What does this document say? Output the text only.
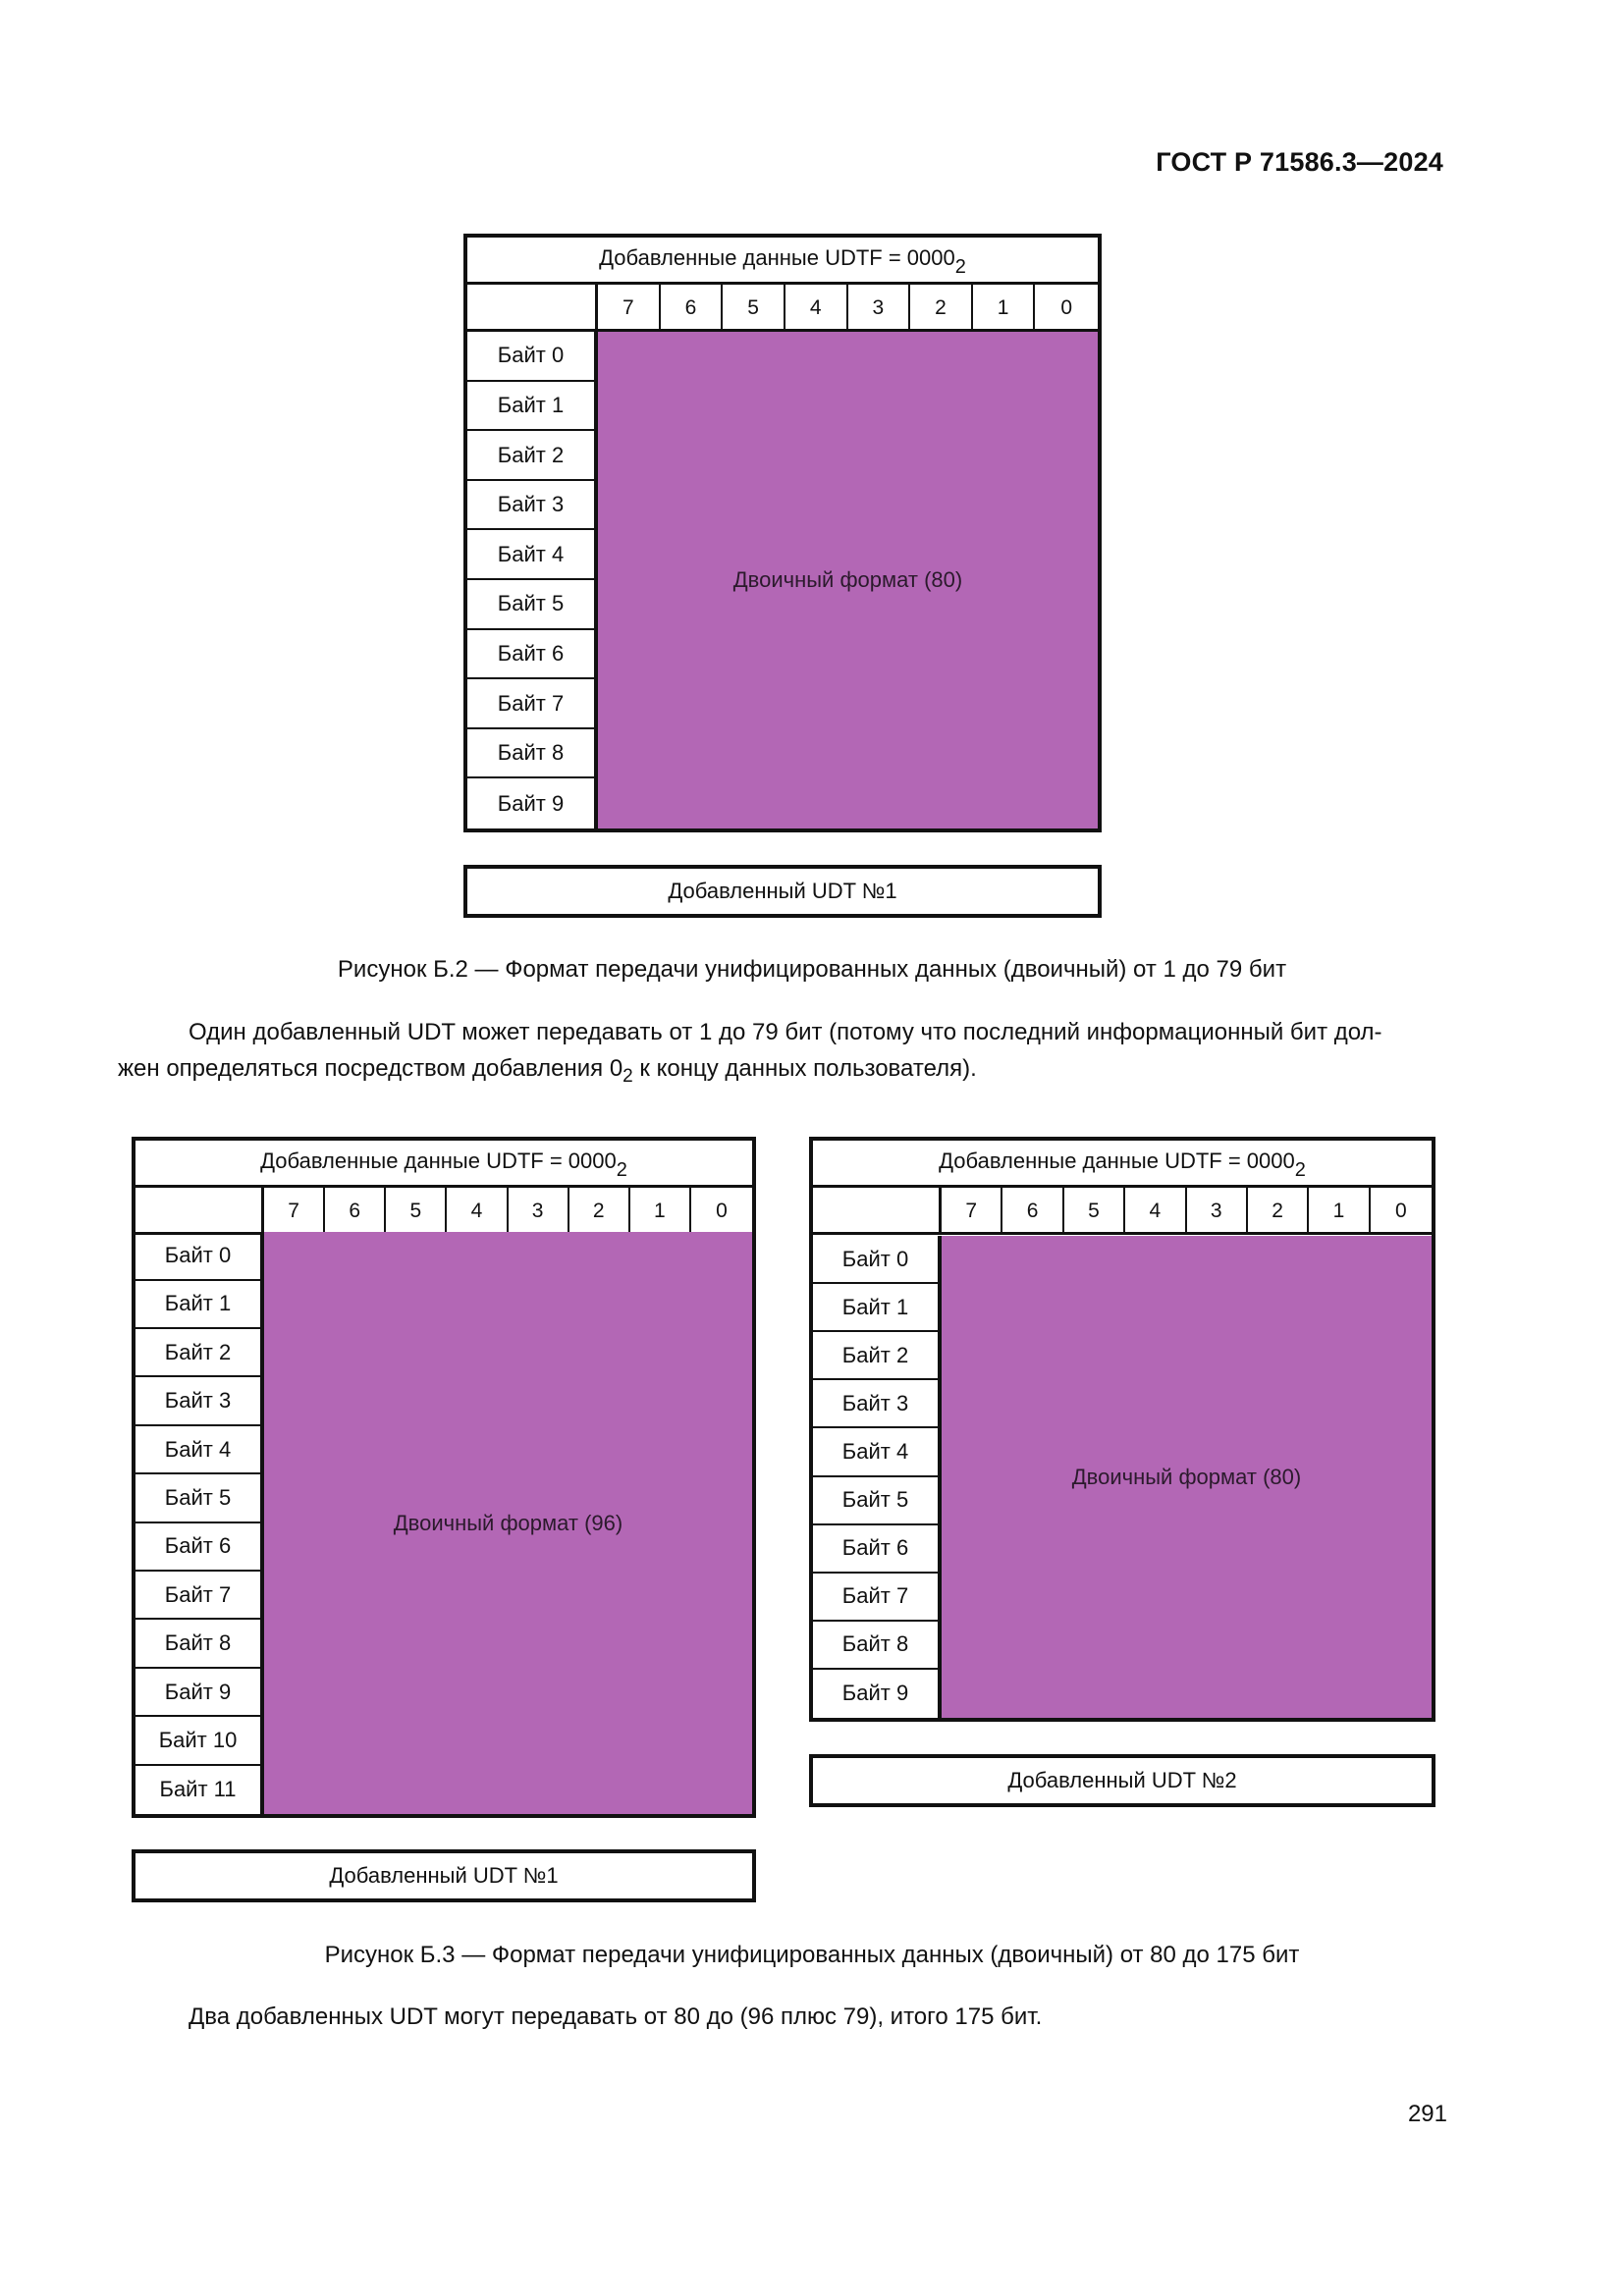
ГОСТ Р 71586.3—2024
Добавленные данные UDTF = $0000_2$
7	6	5	4	3	2	1	0
Байт 0
Байт 1
Байт 2
Байт 3
Байт 4
Байт 5
Байт 6
Байт 7
Байт 8
Байт 9
Двоичный формат (80)
Добавленный UDT №1
Рисунок Б.2 — Формат передачи унифицированных данных (двоичный) от 1 до 79 бит
Один добавленный UDT может передавать от 1 до 79 бит (потому что последний информационный бит дол-
жен определяться посредством добавления $0_2$ к концу данных пользователя).
Добавленные данные UDTF = $0000_2$
7	6	5	4	3	2	1	0
Байт 0
Байт 1
Байт 2
Байт 3
Байт 4
Байт 5
Байт 6
Байт 7
Байт 8
Байт 9
Байт 10
Байт 11
Двоичный формат (96)
Добавленный UDT №1
Добавленные данные UDTF = $0000_2$
7	6	5	4	3	2	1	0
Байт 0
Байт 1
Байт 2
Байт 3
Байт 4
Байт 5
Байт 6
Байт 7
Байт 8
Байт 9
Двоичный формат (80)
Добавленный UDT №2
Рисунок Б.3 — Формат передачи унифицированных данных (двоичный) от 80 до 175 бит
Два добавленных UDT могут передавать от 80 до (96 плюс 79), итого 175 бит.
291
